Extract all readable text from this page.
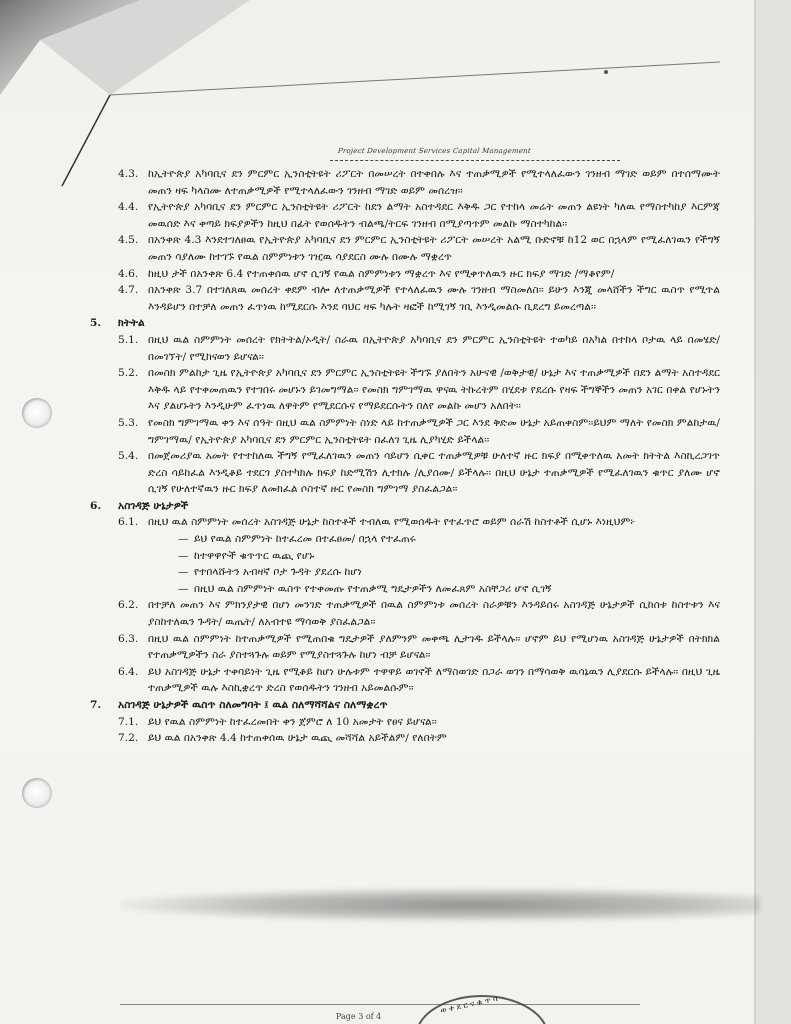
Project Development Services Capital Management
4.3. ከኢትዮጵያ አካባቢና ደን ምርምር ኢንስቲትዩት ሪፖርት በመሠረት በተቀበሉ እና ተጠቃሚዎች የሚተላለፈውን ገንዘብ ማገድ ወይም በተሰማሙት መጠን ዛፍ ካላስሙ ለተጠቃሚዎች የሚተላለፈውን ገንዘብ ማገድ ወይም መሰረዝ፡፡
4.4. የኢትዮጵያ አካባቢና ደን ምርምር ኢንስቲትዩት ሪፖርት ከደን ልማት አስተዳደር እቅዱ ጋር የተከላ መሬት መጠን ልዩነት ካለዉ የማስተካከያ እርምጃ መዉሰድ እና ቀጣይ ክፍያዎችን ከዚህ በፊት የወሰዱትን ብልጫ/ትርፍ ገንዘብ በሚያጣጥም መልኩ ማስተካከል፡፡
4.5. በአንቀጽ 4.3 እንደተገለፀዉ የኢትዮጵያ አካባቢና ደን ምርምር ኢንስቲትዩት ሪፖርት መሠረት አልሚ ቡድኖቹ ከ12 ወር በኋላም የሚፈለገዉን የችግኝ መጠን ሳያለሙ ከተገኙ የዉል ስምምነቱን ገዢዉ ሳያደርስ ሙሉ በሙሉ ማቋረጥ
4.6. ከዚህ ታች በአንቀጽ 6.4 የተጠቀሰዉ ሆኖ ሲገኝ የዉል ስምምነቱን ማቋረጥ እና የሚቀጥለዉን ዙር ክፍያ ማገድ /ማቆየም/
4.7. በአንቀጽ 3.7 በተገለጸዉ መሰረት ቀደም ብሎ ለተጠቃሚዎች የተላለፈዉን ሙሉ ገንዘብ ማስመለስ፡፡ ይሁን እንጂ መላሸችን ችግር ዉስጥ የሚጥል እንዳይሆን በተቻለ መጠን ፈጥነዉ ከሚደርሱ እንደ ባህር ዛፍ ካሉት ዛፎች ከሚገኝ ገቢ እንዲመልሱ ቢደረግ ይመረጣል፡፡
5.	ክትትል
5.1. በዚህ ዉል ስምምነት መሰረት የክትትል/ኦዲት/ ስራዉ በኢትዮጵያ አካባቢና ደን ምርምር ኢንስቲትዩት ተወካይ በአካል በተከላ ቦታዉ ላይ በመሄድ/በመገኘት/ የሚከናወን ይሆናል፡፡
5.2. በመስክ ምልከታ ጊዜ የኢትዮጵያ አካባቢና ደን ምርምር ኢንስቲትዩት ችግኙ ያለበትን አሁናዊ /ወቅታዊ/ ሁኔታ እና ተጠቃሚዎች በደን ልማት አስተዳደር እቅዱ ላይ የተቀመጠዉን የተገበሩ መሆኑን ይገመግማል፡፡ የመስክ ግምገማዉ ዋናዉ ትኩረትም በሂደቱ የደረሱ የዛፍ ችግኞችን መጠን አገር በቀል የሆኑትን እና ያልሆኑትን እንዲሁም ፈጥነዉ ለዋትም የሚደርሱና የማይደርሱትን በለየ መልኩ መሆን አለበት፡፡
5.3. የመስክ ግምገማዉ ቀን እና ሰዓት በዚህ ዉል ስምምነት ስነድ ላይ ከተጠቃሚዎች ጋር እንደ ቅድመ ሁኔታ አይጠቀስም፡፡ይህም ማለት የመስክ ምልከታዉ/ ግምገማዉ/ የኢትዮጵያ አካባቢና ደን ምርምር ኢንስቲትዩት በፈለገ ጊዜ ሊያካሂድ ይችላል፡፡
5.4. በመጀመሪያዉ አመት የተተከለዉ ችግኝ የሚፈለገዉን መጠን ሳይሆን ሲቀር ተጠቃሚዎቹ ሁለተኛ ዙር ክፍያ በሚቀጥለዉ አመት ክትትል እስኪረጋገጥ ድረስ ሳይከፈል እንዲቆይ ተደርጎ ያስተካክሉ ክፍያ ከድሚሽን ሊተክሉ /ሊያሰሙ/ ይችላሉ፡፡ በዚህ ሁኔታ ተጠቃሚዎች የሚፈለገዉን ቁጥር ያለሙ ሆኖ ሲገኝ የሁለተኛዉን ዙር ክፍያ ለመክፈል ሶስተኛ ዙር የመስክ ግምገማ ያስፈልጋል፡፡
6.	አስገዳጅ ሁኔታዎች
6.1. በዚህ ዉል ስምምነት መሰረት አስገዳጅ ሁኔታ ከስተቶች ተብለዉ የሚወሰዱት የተፈጥሮ ወይም ሰራሽ ከስተቶች ሲሆኑ እነዚህም፦
— ይህ የዉል ስምምነት ከተፈረመ በተፈፀመ/ በኋላ የተፈጠሩ
— ከተዋዋዮች ቁጥጥር ዉጪ የሆኑ
— የተበላሹትን አብዛኛ ቦታ ጉዳት ያደረሱ ከሆነ
— በዚህ ዉል ስምምነት ዉስጥ የተቀመጡ የተጠቃሚ ግዴታዎችን ለመፈጸም አስቸጋሪ ሆኖ ሲገኝ
6.2. በተቻለ መጠን እና ምክንያታዊ በሆነ መንገድ ተጠቃሚዎች በዉል ስምምነቱ መሰረት ስራዎቹን እንዳይሰሩ አስገዳጅ ሁኔታዎች ሲከሰቱ ከስተቱን እና ያስከተለዉን ጉዳት/ ዉጤት/ ለአብተዩ ማሳወቅ ያስፈልጋል፡፡
6.3. በዚህ ዉል ስምምነት ከተጠቃሚዎች የሚጠበቁ ግዴታዎች ያለምንም መቀጫ ሊታገዱ ይችላሉ፡፡ ሆኖም ይህ የሚሆነዉ አስገዳጅ ሁኔታዎች በትክክል የተጠቃሚዎችን ስራ ያስተጓጉሉ ወይም የሚያስተጓጉሉ ከሆነ ብቻ ይሆናል፡፡
6.4. ይህ አስገዳጅ ሁኔታ ተቀባይነት ጊዜ የሚቆይ ከሆነ ሁሉቱም ተዋዋይ ወገኖች ለማስወገድ በጋራ ወገን በማሳወቅ ዉሳኔዉን ሊያደርሱ ይችላሉ፡፡ በዚህ ጊዜ ተጠቃሚዎች ዉሉ እስኪቋረጥ ድረስ የወሰዱትን ገንዘብ አይመልሱም፡፡
7.	አስገዳጅ ሁኔታዎች ዉስጥ ስለመግባት ፤ ዉል ስለማሻሻልና ስለማቋረጥ
7.1. ይህ የዉል ስምምነት ከተፈረመበት ቀን ጀምሮ ለ 10 አመታት የፀና ይሆናል፡፡
7.2. ይህ ዉል በአንቀጽ 4.4 ከተጠቀሰዉ ሁኔታ ዉጪ መሻሻል አይችልም/ የለበትም
Page 3 of 4
ወ ቀ ደ ር ና ቁ ጥ ባ
